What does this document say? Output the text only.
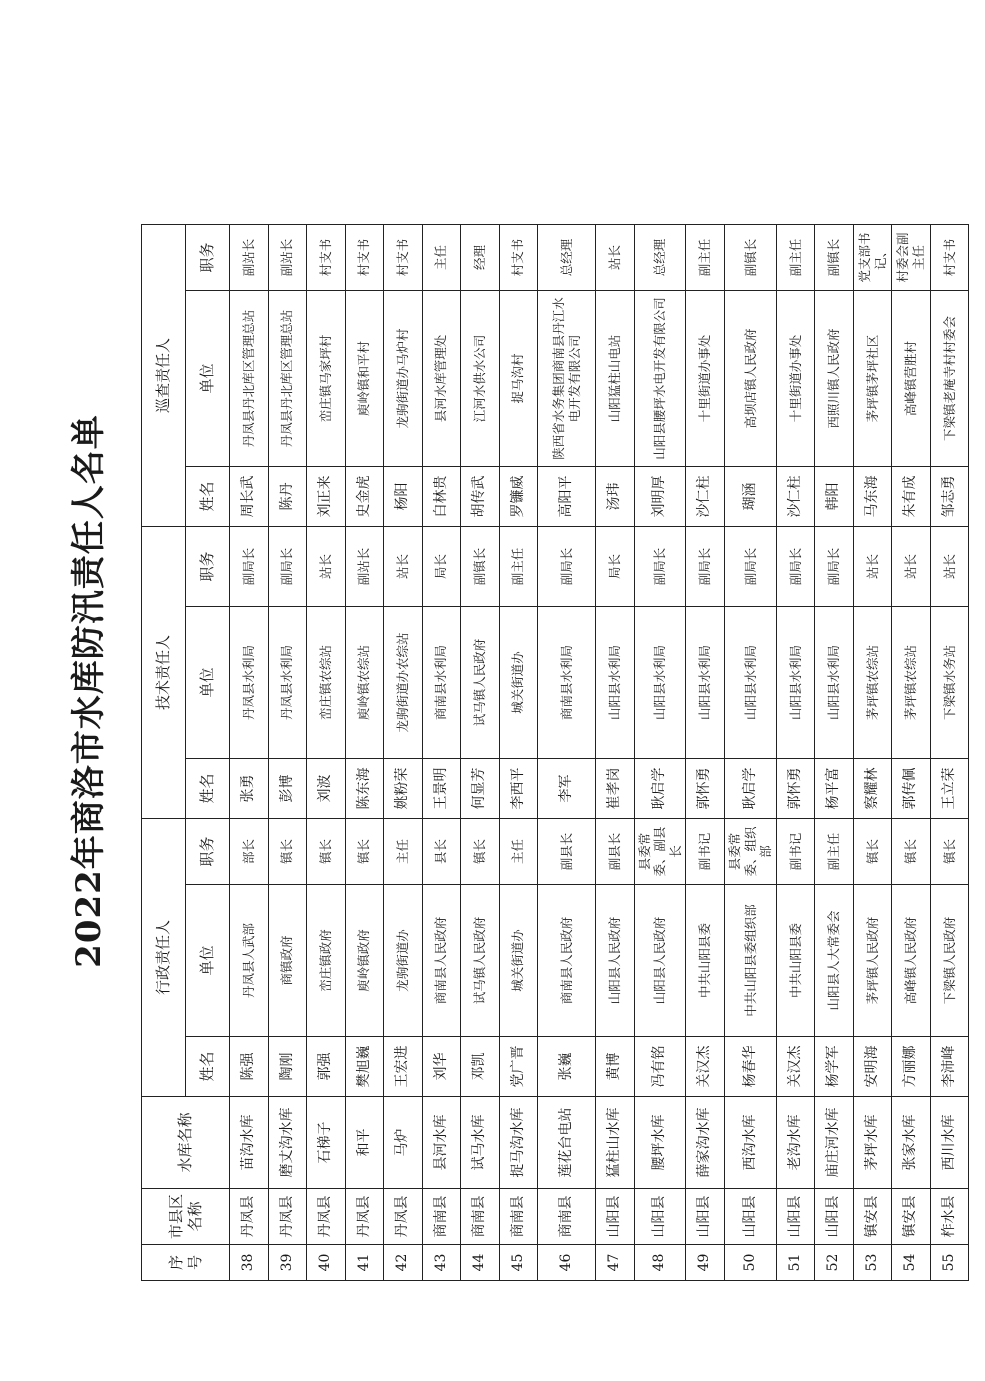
2022年商洛市水库防汛责任人名单
序号	市县区名称	水库名称	行政责任人			技术责任人			巡查责任人		
			姓名	单位	职务	姓名	单位	职务	姓名	单位	职务
38	丹凤县	苗沟水库	陈强	丹凤县人武部	部长	张勇	丹凤县水利局	副局长	周长武	丹凤县丹北库区管理总站	副站长
39	丹凤县	磨丈沟水库	陶刚	商镇政府	镇长	彭博	丹凤县水利局	副局长	陈丹	丹凤县丹北库区管理总站	副站长
40	丹凤县	石梯子	郭强	峦庄镇政府	镇长	刘波	峦庄镇农综站	站长	刘正来	峦庄镇马家坪村	村支书
41	丹凤县	和平	樊旭巍	庾岭镇政府	镇长	陈东海	庾岭镇农综站	副站长	史金虎	庾岭镇和平村	村支书
42	丹凤县	马炉	王宏进	龙驹街道办	主任	姚粉荣	龙驹街道办农综站	站长	杨阳	龙驹街道办马炉村	村支书
43	商南县	县河水库	刘华	商南县人民政府	县长	王景明	商南县水利局	局长	白林贵	县河水库管理处	主任
44	商南县	试马水库	邓凯	试马镇人民政府	镇长	何显芳	试马镇人民政府	副镇长	胡传武	江河水供水公司	经理
45	商南县	捉马沟水库	党广晋	城关街道办	主任	李西平	城关街道办	副主任	罗镰威	捉马沟村	村支书
46	商南县	莲花台电站	张巍	商南县人民政府	副县长	李军	商南县水利局	副局长	高阳平	陕西省水务集团商南县丹江水电开发有限公司	总经理
47	山阳县	猛柱山水库	黄博	山阳县人民政府	副县长	崔孝岗	山阳县水利局	局长	汤玮	山阳猛柱山电站	站长
48	山阳县	腰坪水库	冯有铭	山阳县人民政府	县委常委、副县长	耿启学	山阳县水利局	副局长	刘明厚	山阳县腰坪水电开发有限公司	总经理
49	山阳县	薛家沟水库	关汉杰	中共山阳县委	副书记	郭怀勇	山阳县水利局	副局长	沙仁柱	十里街道办事处	副主任
50	山阳县	西沟水库	杨春华	中共山阳县委组织部	县委常委、组织部	耿启学	山阳县水利局	副局长	瑚涵	高坝店镇人民政府	副镇长
51	山阳县	老沟水库	关汉杰	中共山阳县委	副书记	郭怀勇	山阳县水利局	副局长	沙仁柱	十里街道办事处	副主任
52	山阳县	庙庄河水库	杨学军	山阳县人大常委会	副主任	杨平富	山阳县水利局	副局长	韩阳	西照川镇人民政府	副镇长
53	镇安县	茅坪水库	安明海	茅坪镇人民政府	镇长	察耀林	茅坪镇农综站	站长	马东海	茅坪镇茅坪社区	党支部书记、
54	镇安县	张家水库	方丽娜	高峰镇人民政府	镇长	郭传佩	茅坪镇农综站	站长	朱有成	高峰镇营胜村	村委会副主任
55	柞水县	西川水库	李沛峰	下梁镇人民政府	镇长	王立荣	下梁镇水务站	站长	邹志勇	下梁镇老庵寺村村委会	村支书
